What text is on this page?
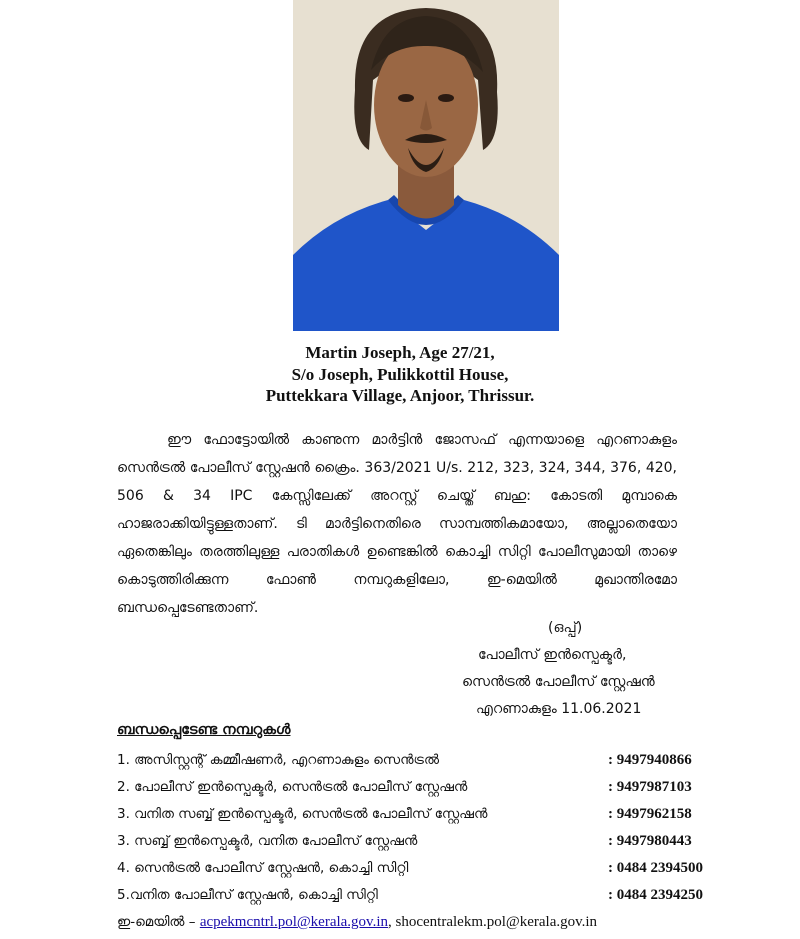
Martin Joseph, Age 27/21,
S/o Joseph, Pulikkottil House,
Puttekkara Village, Anjoor, Thrissur.
ഈ ഫോട്ടോയിൽ കാണുന്ന മാർട്ടിൻ ജോസഫ് എന്നയാളെ എറണാകുളം സെൻട്രൽ പോലീസ് സ്റ്റേഷൻ ക്രൈം. 363/2021 U/s. 212, 323, 324, 344, 376, 420, 506 & 34 IPC കേസ്സിലേക്ക് അറസ്റ്റ് ചെയ്ത് ബഹു: കോടതി മുമ്പാകെ ഹാജരാക്കിയിട്ടുള്ളതാണ്. ടി മാർട്ടിനെതിരെ സാമ്പത്തികമായോ, അല്ലാതെയോ ഏതെങ്കിലും തരത്തിലുള്ള പരാതികൾ ഉണ്ടെങ്കിൽ കൊച്ചി സിറ്റി പോലീസുമായി താഴെ കൊടുത്തിരിക്കുന്ന ഫോൺ നമ്പറുകളിലോ, ഇ-മെയിൽ മുഖാന്തിരമോ ബന്ധപ്പെടേണ്ടതാണ്.
(ഒപ്പ്)
പോലീസ് ഇൻസ്പെക്ടർ,
സെൻട്രൽ പോലീസ് സ്റ്റേഷൻ
എറണാകുളം 11.06.2021
ബന്ധപ്പെടേണ്ട നമ്പറുകൾ
1. അസിസ്റ്റന്റ് കമ്മീഷണർ, എറണാകുളം സെൻട്രൽ	: 9497940866
2. പോലീസ് ഇൻസ്പെക്ടർ, സെൻട്രൽ പോലീസ് സ്റ്റേഷൻ	: 9497987103
3. വനിത സബ്ബ് ഇൻസ്പെക്ടർ, സെൻട്രൽ പോലീസ് സ്റ്റേഷൻ	: 9497962158
3. സബ്ബ് ഇൻസ്പെക്ടർ, വനിത പോലീസ് സ്റ്റേഷൻ	: 9497980443
4. സെൻട്രൽ പോലീസ് സ്റ്റേഷൻ, കൊച്ചി സിറ്റി	: 0484 2394500
5.വനിത പോലീസ് സ്റ്റേഷൻ, കൊച്ചി സിറ്റി	: 0484 2394250
ഇ-മെയിൽ – acpekmcntrl.pol@kerala.gov.in, shocentralekm.pol@kerala.gov.in
